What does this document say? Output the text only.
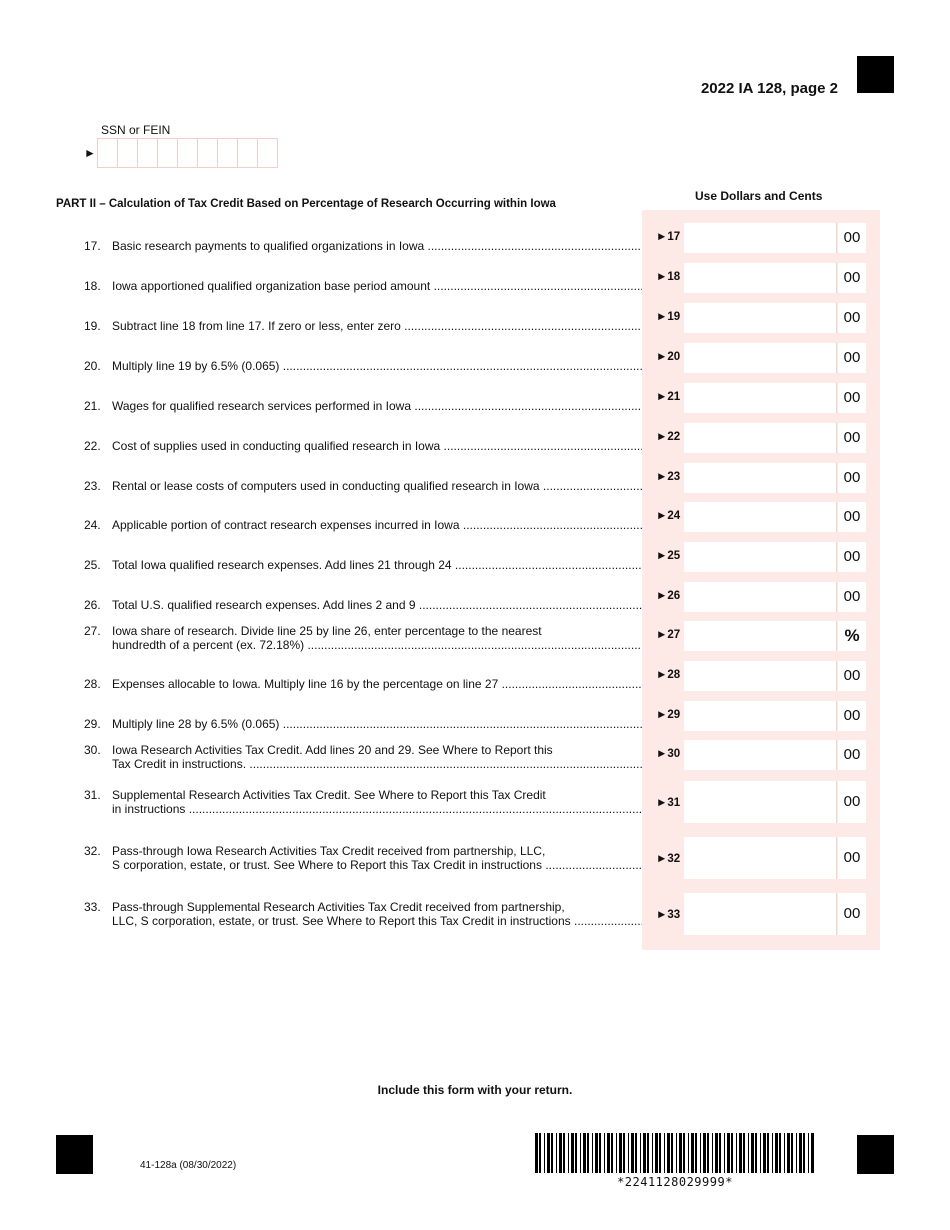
2022 IA 128, page 2
SSN or FEIN
►
Use Dollars and Cents
PART II – Calculation of Tax Credit Based on Percentage of Research Occurring within Iowa
17. Basic research payments to qualified organizations in Iowa .....
►17	00
18. Iowa apportioned qualified organization base period amount .....
►18	00
19. Subtract line 18 from line 17. If zero or less, enter zero .....
►19	00
20. Multiply line 19 by 6.5% (0.065) .....
►20	00
21. Wages for qualified research services performed in Iowa .....
►21	00
22. Cost of supplies used in conducting qualified research in Iowa .....
►22	00
23. Rental or lease costs of computers used in conducting qualified research in Iowa .....
►23	00
24. Applicable portion of contract research expenses incurred in Iowa .....
►24	00
25. Total Iowa qualified research expenses. Add lines 21 through 24 .....
►25	00
26. Total U.S. qualified research expenses. Add lines 2 and 9 .....
►26	00
27. Iowa share of research. Divide line 25 by line 26, enter percentage to the nearest
hundredth of a percent (ex. 72.18%) .....
►27	%
28. Expenses allocable to Iowa. Multiply line 16 by the percentage on line 27 .....
►28	00
29. Multiply line 28 by 6.5% (0.065) .....
►29	00
30. Iowa Research Activities Tax Credit. Add lines 20 and 29. See Where to Report this
Tax Credit in instructions. .....
►30	00
31. Supplemental Research Activities Tax Credit. See Where to Report this Tax Credit
in instructions .....	►31	00
32. Pass-through Iowa Research Activities Tax Credit received from partnership, LLC,
S corporation, estate, or trust. See Where to Report this Tax Credit in instructions .....	►32	00
33. Pass-through Supplemental Research Activities Tax Credit received from partnership,
LLC, S corporation, estate, or trust. See Where to Report this Tax Credit in instructions .....	►33	00
Include this form with your return.
41-128a (08/30/2022)
*2241128029999*
